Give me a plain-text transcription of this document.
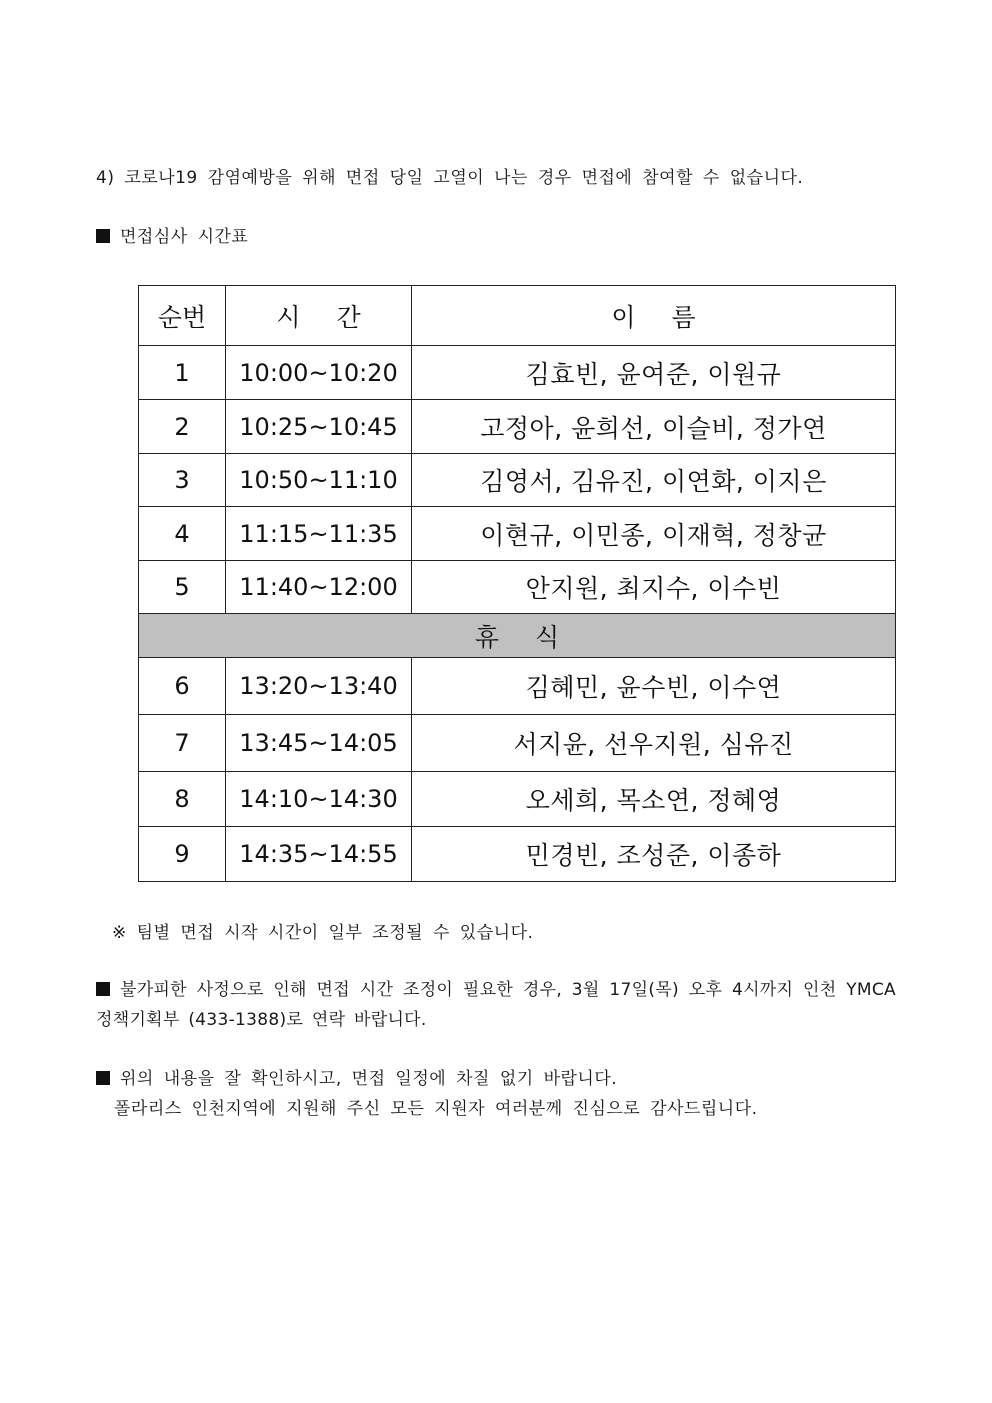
4) 코로나19 감염예방을 위해 면접 당일 고열이 나는 경우 면접에 참여할 수 없습니다.
면접심사 시간표
순번	시 간	이 름
1	10:00~10:20	김효빈, 윤여준, 이원규
2	10:25~10:45	고정아, 윤희선, 이슬비, 정가연
3	10:50~11:10	김영서, 김유진, 이연화, 이지은
4	11:15~11:35	이현규, 이민종, 이재혁, 정창균
5	11:40~12:00	안지원, 최지수, 이수빈
휴식		
6	13:20~13:40	김혜민, 윤수빈, 이수연
7	13:45~14:05	서지윤, 선우지원, 심유진
8	14:10~14:30	오세희, 목소연, 정혜영
9	14:35~14:55	민경빈, 조성준, 이종하
※ 팀별 면접 시작 시간이 일부 조정될 수 있습니다.
불가피한 사정으로 인해 면접 시간 조정이 필요한 경우, 3월 17일(목) 오후 4시까지 인천 YMCA 정책기획부 (433-1388)로 연락 바랍니다.
위의 내용을 잘 확인하시고, 면접 일정에 차질 없기 바랍니다.
폴라리스 인천지역에 지원해 주신 모든 지원자 여러분께 진심으로 감사드립니다.
